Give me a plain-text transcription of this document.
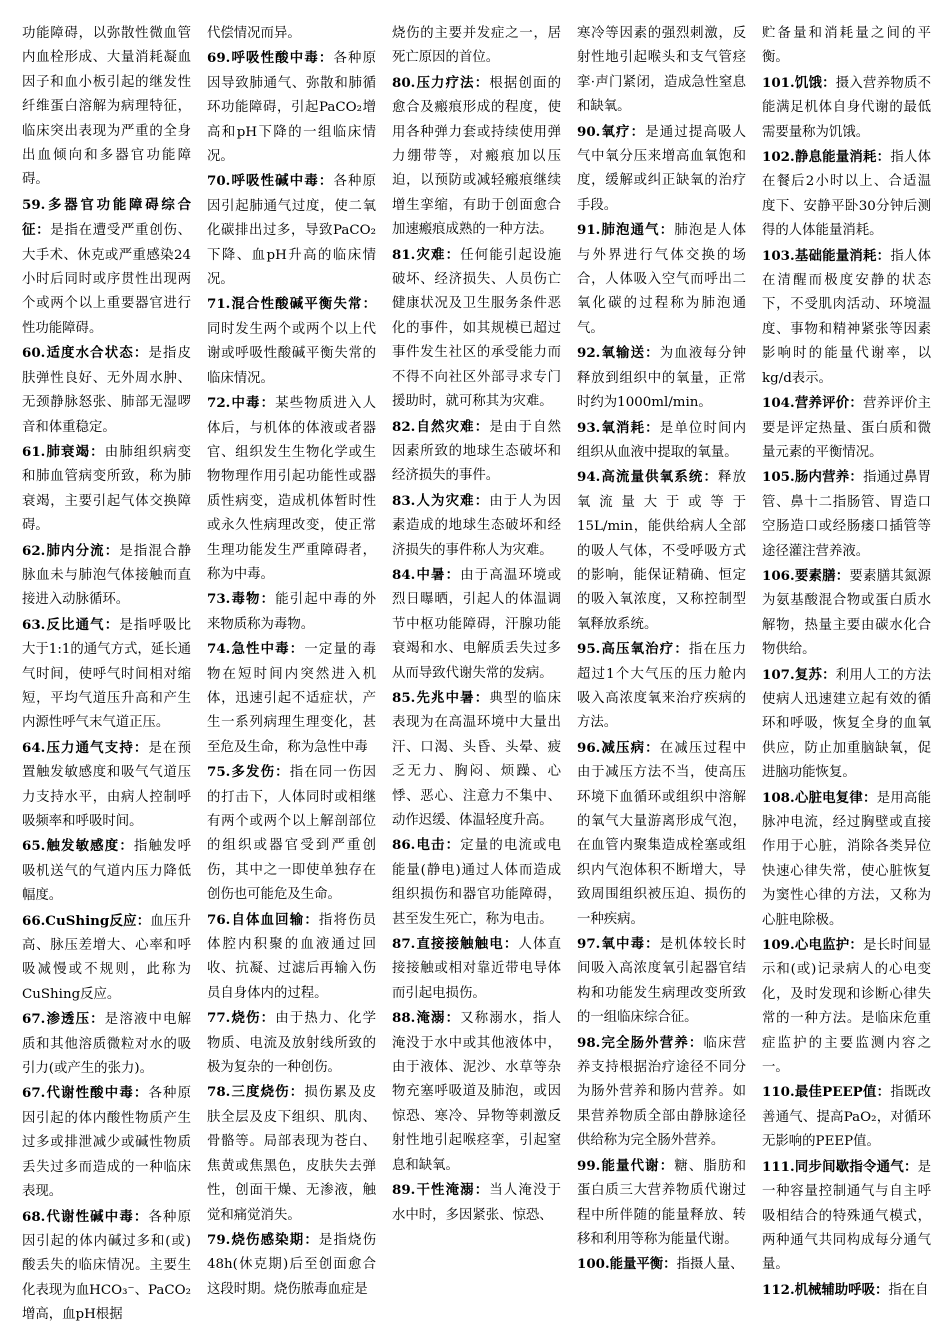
功能障碍，以弥散性微血管内血栓形成、大量消耗凝血因子和血小板引起的继发性纤维蛋白溶解为病理特征，临床突出表现为严重的全身出血倾向和多器官功能障碍。

59.多器官功能障碍综合征：是指在遭受严重创伤、大手术、休克或严重感染24小时后同时或序贯性出现两个或两个以上重要器官进行性功能障碍。

60.适度水合状态：是指皮肤弹性良好、无外周水肿、无颈静脉怒张、肺部无湿啰音和体重稳定。

61.肺衰竭：由肺组织病变和肺血管病变所致，称为肺衰竭，主要引起气体交换障碍。

62.肺内分流：是指混合静脉血未与肺泡气体接触而直接进入动脉循环。

63.反比通气：是指呼吸比大于1:1的通气方式，延长通气时间，使呼气时间相对缩短，平均气道压升高和产生内源性呼气末气道正压。

64.压力通气支持：是在预置触发敏感度和吸气气道压力支持水平，由病人控制呼吸频率和呼吸时间。

65.触发敏感度：指触发呼吸机送气的气道内压力降低幅度。

66.CuShing反应：血压升高、脉压差增大、心率和呼吸减慢或不规则，此称为CuShing反应。

67.渗透压：是溶液中电解质和其他溶质微粒对水的吸引力(或产生的张力)。

67.代谢性酸中毒：各种原因引起的体内酸性物质产生过多或排泄减少或碱性物质丢失过多而造成的一种临床表现。

68.代谢性碱中毒：各种原因引起的体内碱过多和(或)酸丢失的临床情况。主要生化表现为血HCO₃⁻、PaCO₂增高，血pH根据

代偿情况而异。

69.呼吸性酸中毒：各种原因导致肺通气、弥散和肺循环功能障碍，引起PaCO₂增高和pH下降的一组临床情况。

70.呼吸性碱中毒：各种原因引起肺通气过度，使二氧化碳排出过多，导致PaCO₂下降、血pH升高的临床情况。

71.混合性酸碱平衡失常：同时发生两个或两个以上代谢或呼吸性酸碱平衡失常的临床情况。

72.中毒：某些物质进入人体后，与机体的体液或者器官、组织发生生物化学或生物物理作用引起功能性或器质性病变，造成机体暂时性或永久性病理改变，使正常生理功能发生严重障碍者，称为中毒。

73.毒物：能引起中毒的外来物质称为毒物。

74.急性中毒：一定量的毒物在短时间内突然进入机体，迅速引起不适症状，产生一系列病理生理变化，甚至危及生命，称为急性中毒

75.多发伤：指在同一伤因的打击下，人体同时或相继有两个或两个以上解剖部位的组织或器官受到严重创伤，其中之一即使单独存在创伤也可能危及生命。

76.自体血回输：指将伤员体腔内积聚的血液通过回收、抗凝、过滤后再输入伤员自身体内的过程。

77.烧伤：由于热力、化学物质、电流及放射线所致的极为复杂的一种创伤。

78.三度烧伤：损伤累及皮肤全层及皮下组织、肌肉、骨骼等。局部表现为苍白、焦黄或焦黑色，皮肤失去弹性，创面干燥、无渗液，触觉和痛觉消失。

79.烧伤感染期：是指烧伤48h(休克期)后至创面愈合这段时期。烧伤脓毒血症是

烧伤的主要并发症之一，居死亡原因的首位。

80.压力疗法：根据创面的愈合及瘢痕形成的程度，使用各种弹力套或持续使用弹力绷带等，对瘢痕加以压迫，以预防或减轻瘢痕继续增生挛缩，有助于创面愈合加速瘢痕成熟的一种方法。

81.灾难：任何能引起设施破坏、经济损失、人员伤亡健康状况及卫生服务条件恶化的事件，如其规模已超过事件发生社区的承受能力而不得不向社区外部寻求专门援助时，就可称其为灾难。

82.自然灾难：是由于自然因素所致的地球生态破坏和经济损失的事件。

83.人为灾难：由于人为因素造成的地球生态破坏和经济损失的事件称人为灾难。

84.中暑：由于高温环境或烈日曝晒，引起人的体温调节中枢功能障碍，汗腺功能衰竭和水、电解质丢失过多从而导致代谢失常的发病。

85.先兆中暑：典型的临床表现为在高温环境中大量出汗、口渴、头昏、头晕、疲乏无力、胸闷、烦躁、心悸、恶心、注意力不集中、动作迟缓、体温轻度升高。

86.电击：定量的电流或电能量(静电)通过人体而造成组织损伤和器官功能障碍，甚至发生死亡，称为电击。

87.直接接触触电：人体直接接触或相对靠近带电导体而引起电损伤。

88.淹溺：又称溺水，指人淹没于水中或其他液体中，由于液体、泥沙、水草等杂物充塞呼吸道及肺泡，或因惊恐、寒冷、异物等刺激反射性地引起喉痉挛，引起窒息和缺氧。

89.干性淹溺：当人淹没于水中时，多因紧张、惊恐、

寒冷等因素的强烈刺激，反射性地引起喉头和支气管痉挛·声门紧闭，造成急性窒息和缺氧。

90.氧疗：是通过提高吸人气中氧分压来增高血氧饱和度，缓解或纠正缺氧的治疗手段。

91.肺泡通气：肺泡是人体与外界进行气体交换的场合，人体吸入空气而呼出二氧化碳的过程称为肺泡通气。

92.氧输送：为血液每分钟释放到组织中的氧量，正常时约为1000ml/min。

93.氧消耗：是单位时间内组织从血液中提取的氧量。

94.高流量供氧系统：释放氧流量大于或等于15L/min，能供给病人全部的吸人气体，不受呼吸方式的影响，能保证精确、恒定的吸入氧浓度，又称控制型氧释放系统。

95.高压氧治疗：指在压力超过1个大气压的压力舱内吸入高浓度氧来治疗疾病的方法。

96.减压病：在减压过程中由于减压方法不当，使高压环境下血循环或组织中溶解的氧气大量游离形成气泡，在血管内聚集造成栓塞或组织内气泡体积不断增大，导致周围组织被压迫、损伤的一种疾病。

97.氧中毒：是机体较长时间吸入高浓度氧引起器官结构和功能发生病理改变所致的一组临床综合征。

98.完全肠外营养：临床营养支持根据治疗途径不同分为肠外营养和肠内营养。如果营养物质全部由静脉途径供给称为完全肠外营养。

99.能量代谢：糖、脂肪和蛋白质三大营养物质代谢过程中所伴随的能量释放、转移和利用等称为能量代谢。

100.能量平衡：指摄人量、

贮备量和消耗量之间的平衡。

101.饥饿：摄入营养物质不能满足机体自身代谢的最低需要量称为饥饿。

102.静息能量消耗：指人体在餐后2小时以上、合适温度下、安静平卧30分钟后测得的人体能量消耗。

103.基础能量消耗：指人体在清醒而极度安静的状态下，不受肌肉活动、环境温度、事物和精神紧张等因素影响时的能量代谢率，以kg/d表示。

104.营养评价：营养评价主要是评定热量、蛋白质和微量元素的平衡情况。

105.肠内营养：指通过鼻胃管、鼻十二指肠管、胃造口空肠造口或经肠瘘口插管等途径灌注营养液。

106.要素膳：要素膳其氮源为氨基酸混合物或蛋白质水解物，热量主要由碳水化合物供给。

107.复苏：利用人工的方法使病人迅速建立起有效的循环和呼吸，恢复全身的血氧供应，防止加重脑缺氧，促进脑功能恢复。

108.心脏电复律：是用高能脉冲电流，经过胸壁或直接作用于心脏，消除各类异位快速心律失常，使心脏恢复为窦性心律的方法，又称为心脏电除极。

109.心电监护：是长时间显示和(或)记录病人的心电变化，及时发现和诊断心律失常的一种方法。是临床危重症监护的主要监测内容之一。

110.最佳PEEP值：指既改善通气、提高PaO₂，对循环无影响的PEEP值。

111.同步间歇指令通气：是一种容量控制通气与自主呼吸相结合的特殊通气模式，两种通气共同构成每分通气量。

112.机械辅助呼吸：指在自
